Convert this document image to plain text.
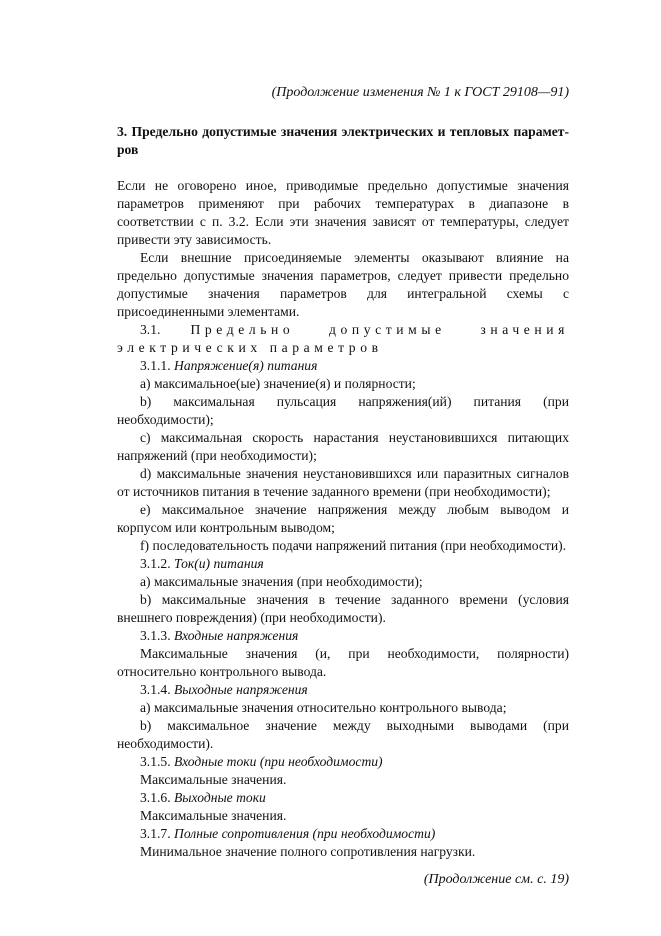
(Продолжение изменения № 1 к ГОСТ 29108—91)

3. Предельно допустимые значения электрических и тепловых парамет-ров

Если не оговорено иное, приводимые предельно допустимые значения параметров применяют при рабочих температурах в диапазоне в соответствии с п. 3.2. Если эти значения зависят от температуры, следует привести эту зависимость.

Если внешние присоединяемые элементы оказывают влияние на предельно допустимые значения параметров, следует привести предельно допустимые значения параметров для интегральной схемы с присоединенными элементами.

3.1. Предельно допустимые значения электрических параметров

3.1.1. Напряжение(я) питания

а) максимальное(ые) значение(я) и полярности;

b) максимальная пульсация напряжения(ий) питания (при необходимости);

с) максимальная скорость нарастания неустановившихся питающих напряжений (при необходимости);

d) максимальные значения неустановившихся или паразитных сигналов от источников питания в течение заданного времени (при необходимости);

е) максимальное значение напряжения между любым выводом и корпусом или контрольным выводом;

f) последовательность подачи напряжений питания (при необходимости).

3.1.2. Ток(и) питания

а) максимальные значения (при необходимости);

b) максимальные значения в течение заданного времени (условия внешнего повреждения) (при необходимости).

3.1.3. Входные напряжения

Максимальные значения (и, при необходимости, полярности) относительно контрольного вывода.

3.1.4. Выходные напряжения

а) максимальные значения относительно контрольного вывода;

b) максимальное значение между выходными выводами (при необходимости).

3.1.5. Входные токи (при необходимости)

Максимальные значения.

3.1.6. Выходные токи

Максимальные значения.

3.1.7. Полные сопротивления (при необходимости)

Минимальное значение полного сопротивления нагрузки.

(Продолжение см. с. 19)
